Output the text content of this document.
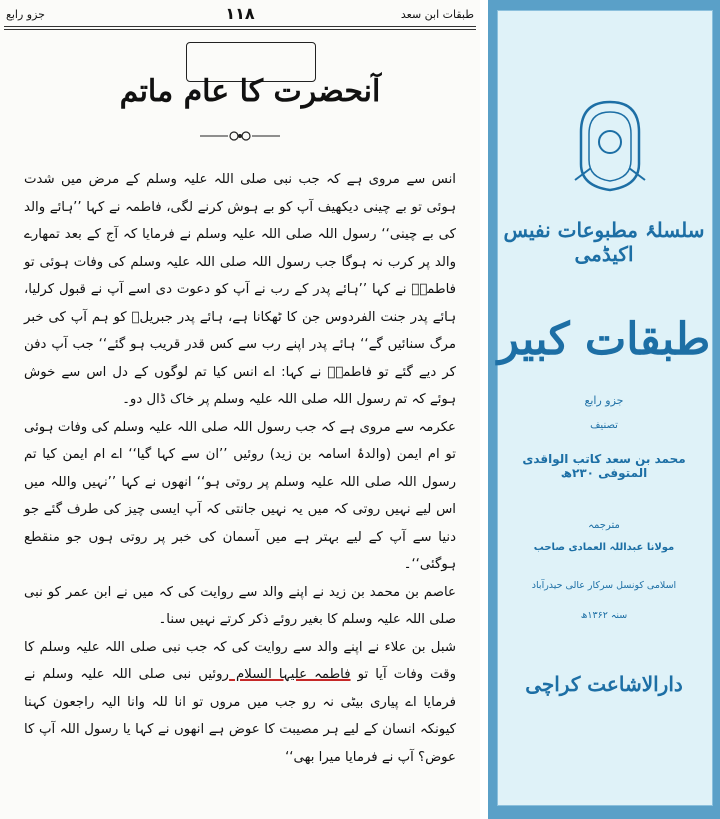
جزو رابع	۱۱۸	طبقات ابن سعد
آنحضرت کا عام ماتم

انس سے مروی ہے کہ جب نبی صلی اللہ علیہ وسلم کے مرض میں شدت ہوئی تو بے چینی دیکھیف آپ کو بے ہوش کرنے لگی، فاطمہ نے کہا ’’ہائے والد کی بے چینی‘‘ رسول اللہ صلی اللہ علیہ وسلم نے فرمایا کہ آج کے بعد تمھارے والد پر کرب نہ ہوگا جب رسول اللہ صلی اللہ علیہ وسلم کی وفات ہوئی تو فاطمہؓ نے کہا ’’ہائے پدر کے رب نے آپ کو دعوت دی اسے آپ نے قبول کرلیا، ہائے پدر جنت الفردوس جن کا ٹھکانا ہے، ہائے پدر جبریلؑ کو ہم آپ کی خبر مرگ سنائیں گے‘‘ ہائے پدر اپنے رب سے کس قدر قریب ہو گئے‘‘ جب آپ دفن کر دیے گئے تو فاطمہؓ نے کہا: اے انس کیا تم لوگوں کے دل اس سے خوش ہوئے کہ تم رسول اللہ صلی اللہ علیہ وسلم پر خاک ڈال دو۔

عکرمہ سے مروی ہے کہ جب رسول اللہ صلی اللہ علیہ وسلم کی وفات ہوئی تو ام ایمن (والدۂ اسامہ بن زید) روئیں ’’ان سے کہا گیا‘‘ اے ام ایمن کیا تم رسول اللہ صلی اللہ علیہ وسلم پر روتی ہو‘‘ انھوں نے کہا ’’نہیں واللہ میں اس لیے نہیں روتی کہ میں یہ نہیں جانتی کہ آپ ایسی چیز کی طرف گئے جو دنیا سے آپ کے لیے بہتر ہے میں آسمان کی خبر پر روتی ہوں جو منقطع ہوگئی‘‘۔

عاصم بن محمد بن زید نے اپنے والد سے روایت کی کہ میں نے ابن عمر کو نبی صلی اللہ علیہ وسلم کا بغیر روئے ذکر کرتے نہیں سنا۔

شبل بن علاء نے اپنے والد سے روایت کی کہ جب نبی صلی اللہ علیہ وسلم کا وقت وفات آیا تو فاطمہ علیہا السلام روئیں نبی صلی اللہ علیہ وسلم نے فرمایا اے پیاری بیٹی نہ رو جب میں مروں تو انا للہ وانا الیہ راجعون کہنا کیونکہ انسان کے لیے ہر مصیبت کا عوض ہے انھوں نے کہا یا رسول اللہ آپ کا عوض؟ آپ نے فرمایا میرا بھی‘‘

سلسلۂ مطبوعات نفیس اکیڈمی
طبقات کبیر
جزو رابع
تصنیف
محمد بن سعد کاتب الواقدی المتوفی ۲۳۰ھ
مترجمہ
مولانا عبداللہ العمادی صاحب
اسلامی کونسل سرکار عالی حیدرآباد
سنہ ۱۳۶۲ھ
دارالاشاعت کراچی
